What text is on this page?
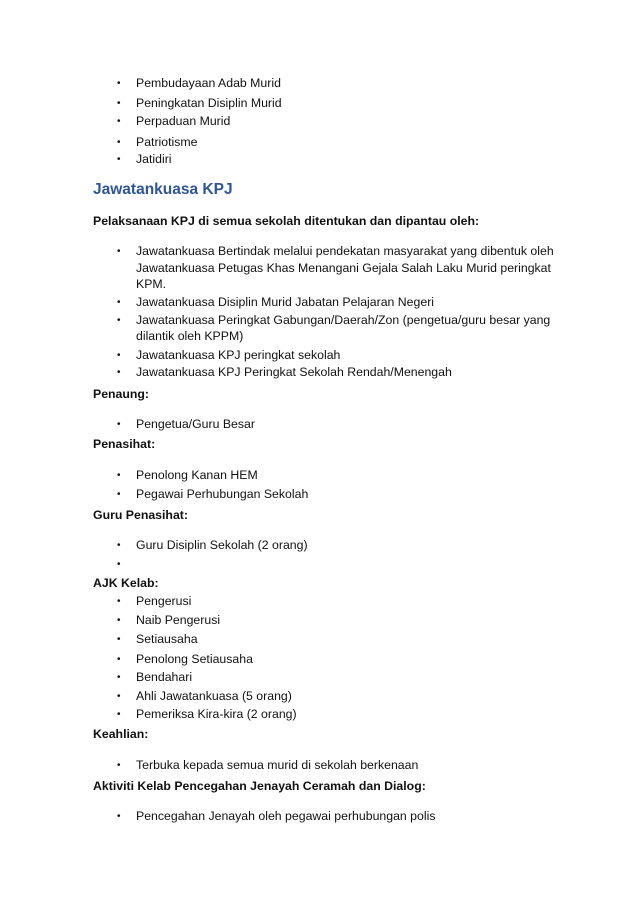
• Pembudayaan Adab Murid
• Peningkatan Disiplin Murid
• Perpaduan Murid
• Patriotisme
• Jatidiri
Jawatankuasa KPJ
Pelaksanaan KPJ di semua sekolah ditentukan dan dipantau oleh:
• Jawatankuasa Bertindak melalui pendekatan masyarakat yang dibentuk oleh
Jawatankuasa Petugas Khas Menangani Gejala Salah Laku Murid peringkat
KPM.
• Jawatankuasa Disiplin Murid Jabatan Pelajaran Negeri
• Jawatankuasa Peringkat Gabungan/Daerah/Zon (pengetua/guru besar yang
dilantik oleh KPPM)
• Jawatankuasa KPJ peringkat sekolah
• Jawatankuasa KPJ Peringkat Sekolah Rendah/Menengah
Penaung:
• Pengetua/Guru Besar
Penasihat:
• Penolong Kanan HEM
• Pegawai Perhubungan Sekolah
Guru Penasihat:
• Guru Disiplin Sekolah (2 orang)
•
AJK Kelab:
• Pengerusi
• Naib Pengerusi
• Setiausaha
• Penolong Setiausaha
• Bendahari
• Ahli Jawatankuasa (5 orang)
• Pemeriksa Kira-kira (2 orang)
Keahlian:
• Terbuka kepada semua murid di sekolah berkenaan
Aktiviti Kelab Pencegahan Jenayah Ceramah dan Dialog:
• Pencegahan Jenayah oleh pegawai perhubungan polis
